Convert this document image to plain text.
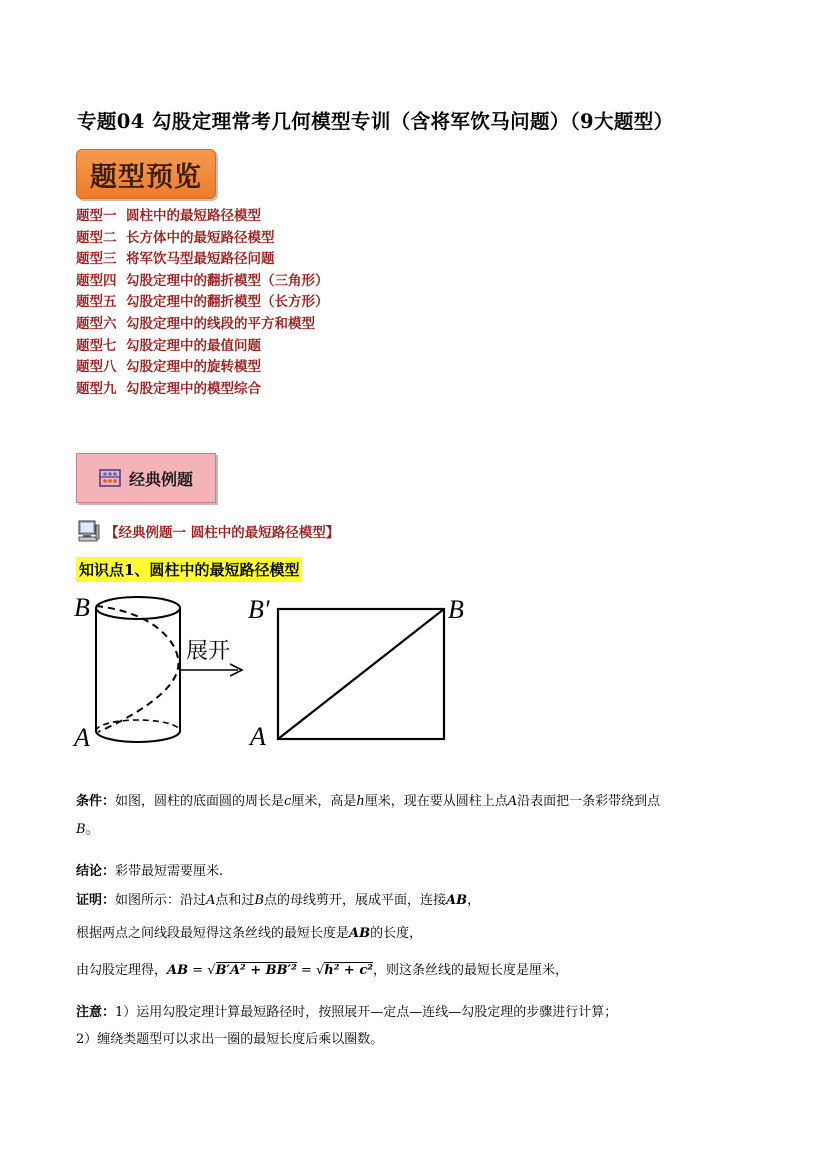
专题04 勾股定理常考几何模型专训（含将军饮马问题）（9大题型）
题型预览
题型一 圆柱中的最短路径模型
题型二 长方体中的最短路径模型
题型三 将军饮马型最短路径问题
题型四 勾股定理中的翻折模型（三角形）
题型五 勾股定理中的翻折模型（长方形）
题型六 勾股定理中的线段的平方和模型
题型七 勾股定理中的最值问题
题型八 勾股定理中的旋转模型
题型九 勾股定理中的模型综合
经典例题
【经典例题一 圆柱中的最短路径模型】
知识点1、圆柱中的最短路径模型
B
A
展开
B′	B
A
条件：如图，圆柱的底面圆的周长是c厘米，高是h厘米，现在要从圆柱上点A沿表面把一条彩带绕到点
B。
结论：彩带最短需要厘米.
证明：如图所示：沿过A点和过B点的母线剪开，展成平面，连接AB，
根据两点之间线段最短得这条丝线的最短长度是AB的长度，
由勾股定理得，AB = √B′A² + BB′² = √h² + c²，则这条丝线的最短长度是厘米，
注意：1）运用勾股定理计算最短路径时，按照展开—定点—连线—勾股定理的步骤进行计算；
2）缠绕类题型可以求出一圈的最短长度后乘以圈数。
